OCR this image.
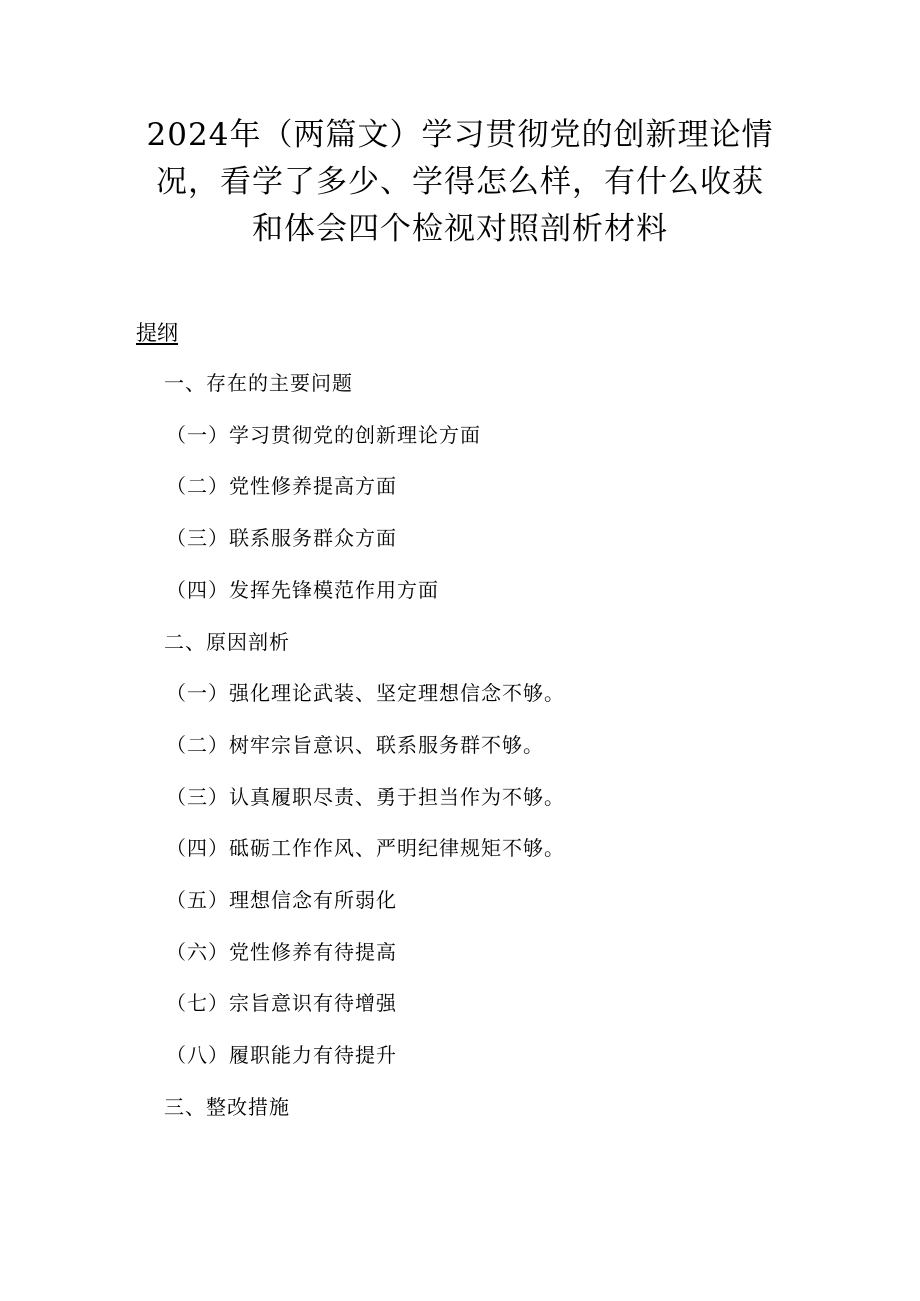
2024年（两篇文）学习贯彻党的创新理论情
况，看学了多少、学得怎么样，有什么收获
和体会四个检视对照剖析材料

提纲

一、存在的主要问题
（一）学习贯彻党的创新理论方面
（二）党性修养提高方面
（三）联系服务群众方面
（四）发挥先锋模范作用方面
二、原因剖析
（一）强化理论武装、坚定理想信念不够。
（二）树牢宗旨意识、联系服务群不够。
（三）认真履职尽责、勇于担当作为不够。
（四）砥砺工作作风、严明纪律规矩不够。
（五）理想信念有所弱化
（六）党性修养有待提高
（七）宗旨意识有待增强
（八）履职能力有待提升
三、整改措施
